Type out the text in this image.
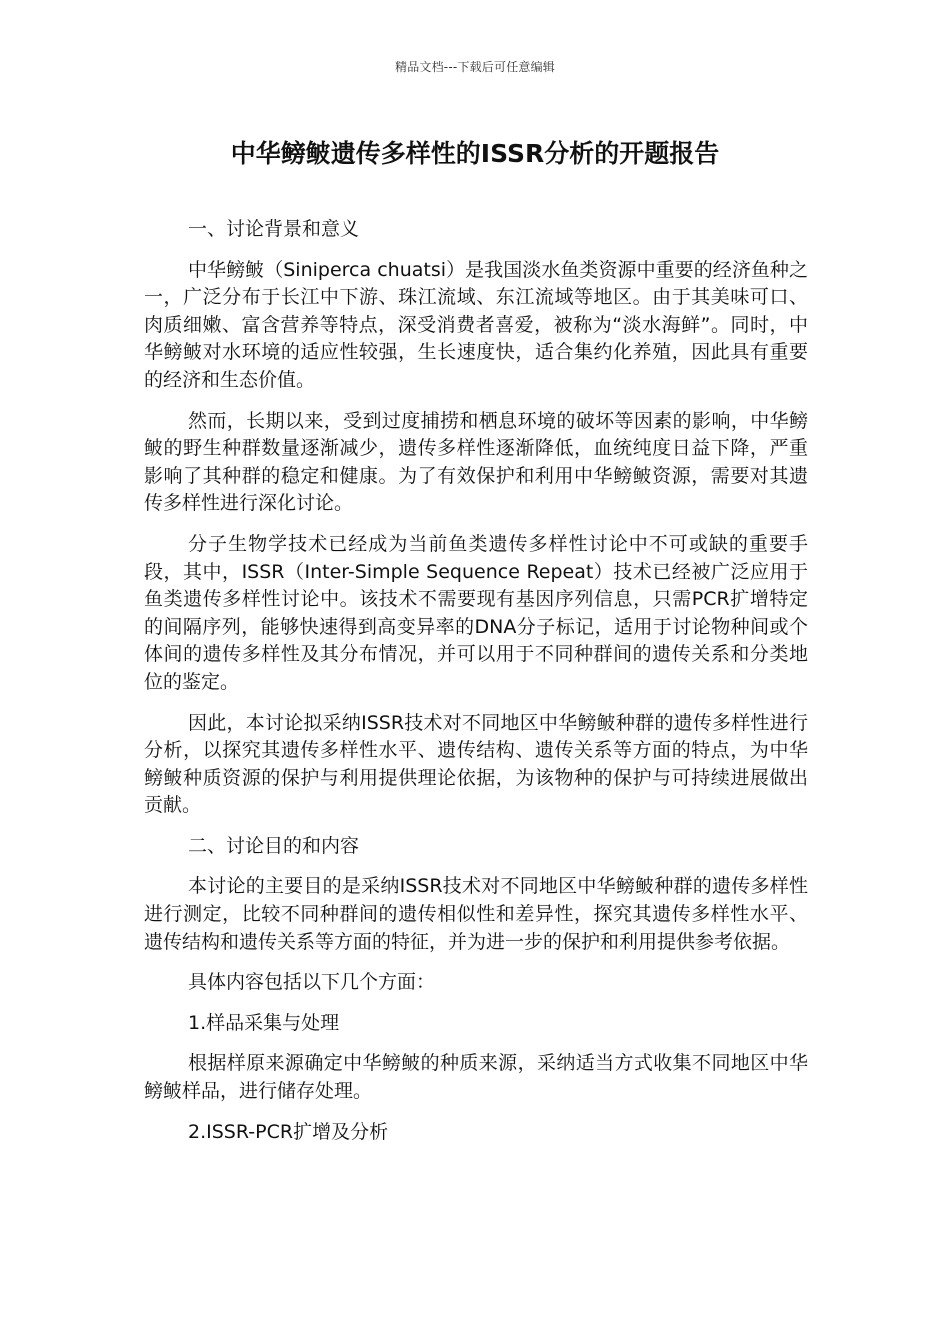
精品文档---下载后可任意编辑
中华鳑鲏遗传多样性的ISSR分析的开题报告

一、讨论背景和意义

中华鳑鲏（Siniperca chuatsi）是我国淡水鱼类资源中重要的经济鱼种之一，广泛分布于长江中下游、珠江流域、东江流域等地区。由于其美味可口、肉质细嫩、富含营养等特点，深受消费者喜爱，被称为“淡水海鲜”。同时，中华鳑鲏对水环境的适应性较强，生长速度快，适合集约化养殖，因此具有重要的经济和生态价值。

然而，长期以来，受到过度捕捞和栖息环境的破坏等因素的影响，中华鳑鲏的野生种群数量逐渐减少，遗传多样性逐渐降低，血统纯度日益下降，严重影响了其种群的稳定和健康。为了有效保护和利用中华鳑鲏资源，需要对其遗传多样性进行深化讨论。

分子生物学技术已经成为当前鱼类遗传多样性讨论中不可或缺的重要手段，其中，ISSR（Inter-Simple Sequence Repeat）技术已经被广泛应用于鱼类遗传多样性讨论中。该技术不需要现有基因序列信息，只需PCR扩增特定的间隔序列，能够快速得到高变异率的DNA分子标记，适用于讨论物种间或个体间的遗传多样性及其分布情况，并可以用于不同种群间的遗传关系和分类地位的鉴定。

因此，本讨论拟采纳ISSR技术对不同地区中华鳑鲏种群的遗传多样性进行分析，以探究其遗传多样性水平、遗传结构、遗传关系等方面的特点，为中华鳑鲏种质资源的保护与利用提供理论依据，为该物种的保护与可持续进展做出贡献。

二、讨论目的和内容

本讨论的主要目的是采纳ISSR技术对不同地区中华鳑鲏种群的遗传多样性进行测定，比较不同种群间的遗传相似性和差异性，探究其遗传多样性水平、遗传结构和遗传关系等方面的特征，并为进一步的保护和利用提供参考依据。

具体内容包括以下几个方面：

1.样品采集与处理

根据样原来源确定中华鳑鲏的种质来源，采纳适当方式收集不同地区中华鳑鲏样品，进行储存处理。

2.ISSR-PCR扩增及分析
